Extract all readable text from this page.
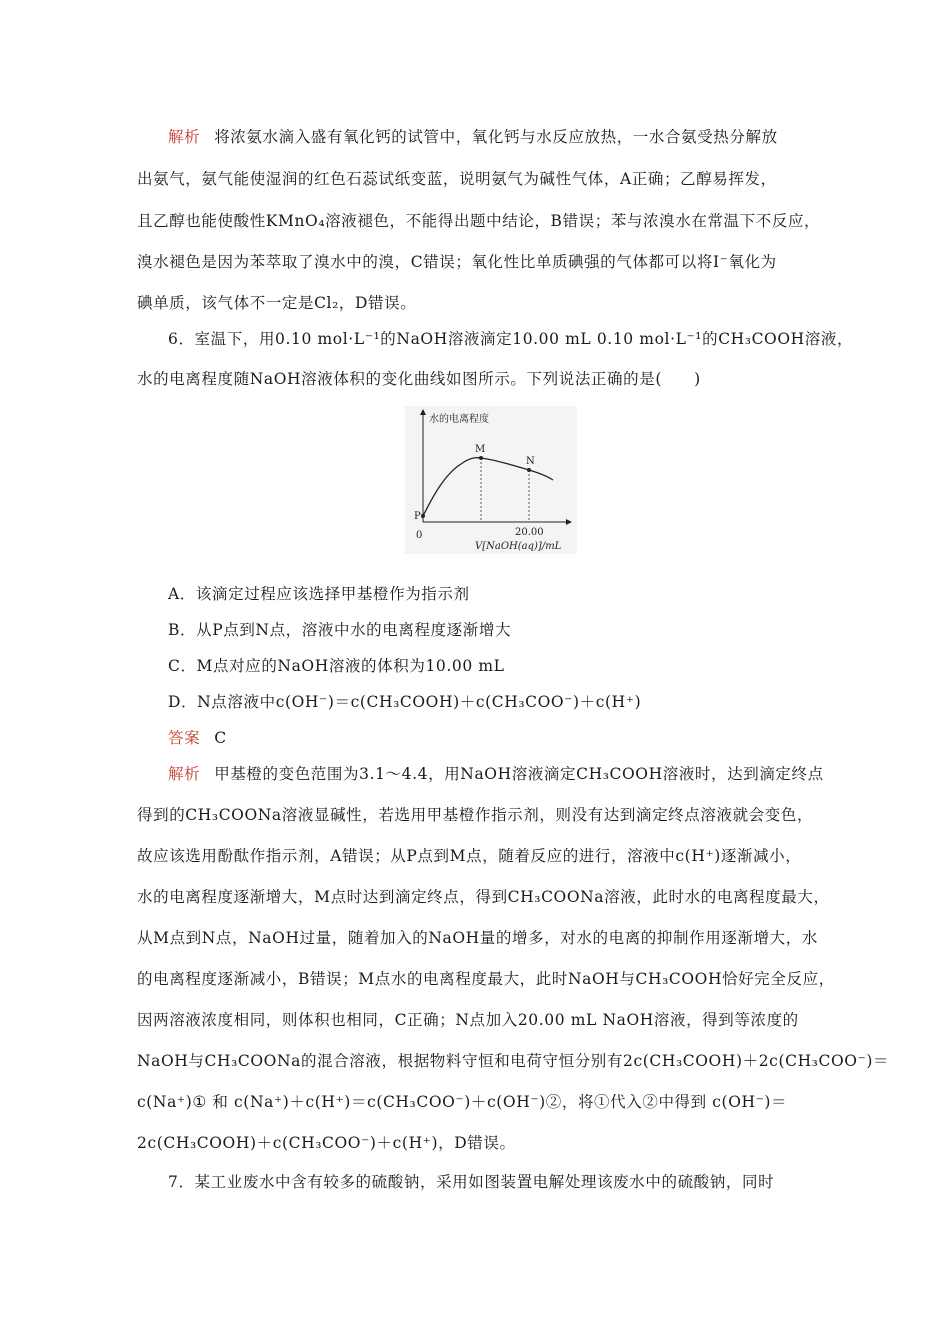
解析 将浓氨水滴入盛有氧化钙的试管中，氧化钙与水反应放热，一水合氨受热分解放
出氨气，氨气能使湿润的红色石蕊试纸变蓝，说明氨气为碱性气体，A正确；乙醇易挥发，
且乙醇也能使酸性KMnO₄溶液褪色，不能得出题中结论，B错误；苯与浓溴水在常温下不反应，
溴水褪色是因为苯萃取了溴水中的溴，C错误；氧化性比单质碘强的气体都可以将I⁻氧化为
碘单质，该气体不一定是Cl₂，D错误。
6．室温下，用0.10 mol·L⁻¹的NaOH溶液滴定10.00 mL 0.10 mol·L⁻¹的CH₃COOH溶液，
水的电离程度随NaOH溶液体积的变化曲线如图所示。下列说法正确的是(　　)
水的电离程度
V[NaOH(aq)]/mL
0	20.00
P
M
N
A．该滴定过程应该选择甲基橙作为指示剂
B．从P点到N点，溶液中水的电离程度逐渐增大
C．M点对应的NaOH溶液的体积为10.00 mL
D．N点溶液中c(OH⁻)＝c(CH₃COOH)＋c(CH₃COO⁻)＋c(H⁺)
答案 C
解析 甲基橙的变色范围为3.1～4.4，用NaOH溶液滴定CH₃COOH溶液时，达到滴定终点
得到的CH₃COONa溶液显碱性，若选用甲基橙作指示剂，则没有达到滴定终点溶液就会变色，
故应该选用酚酞作指示剂，A错误；从P点到M点，随着反应的进行，溶液中c(H⁺)逐渐减小，
水的电离程度逐渐增大，M点时达到滴定终点，得到CH₃COONa溶液，此时水的电离程度最大，
从M点到N点，NaOH过量，随着加入的NaOH量的增多，对水的电离的抑制作用逐渐增大，水
的电离程度逐渐减小，B错误；M点水的电离程度最大，此时NaOH与CH₃COOH恰好完全反应，
因两溶液浓度相同，则体积也相同，C正确；N点加入20.00 mL NaOH溶液，得到等浓度的
NaOH与CH₃COONa的混合溶液，根据物料守恒和电荷守恒分别有2c(CH₃COOH)＋2c(CH₃COO⁻)＝
c(Na⁺)① 和 c(Na⁺)＋c(H⁺)＝c(CH₃COO⁻)＋c(OH⁻)②，将①代入②中得到 c(OH⁻)＝
2c(CH₃COOH)＋c(CH₃COO⁻)＋c(H⁺)，D错误。
7．某工业废水中含有较多的硫酸钠，采用如图装置电解处理该废水中的硫酸钠，同时
